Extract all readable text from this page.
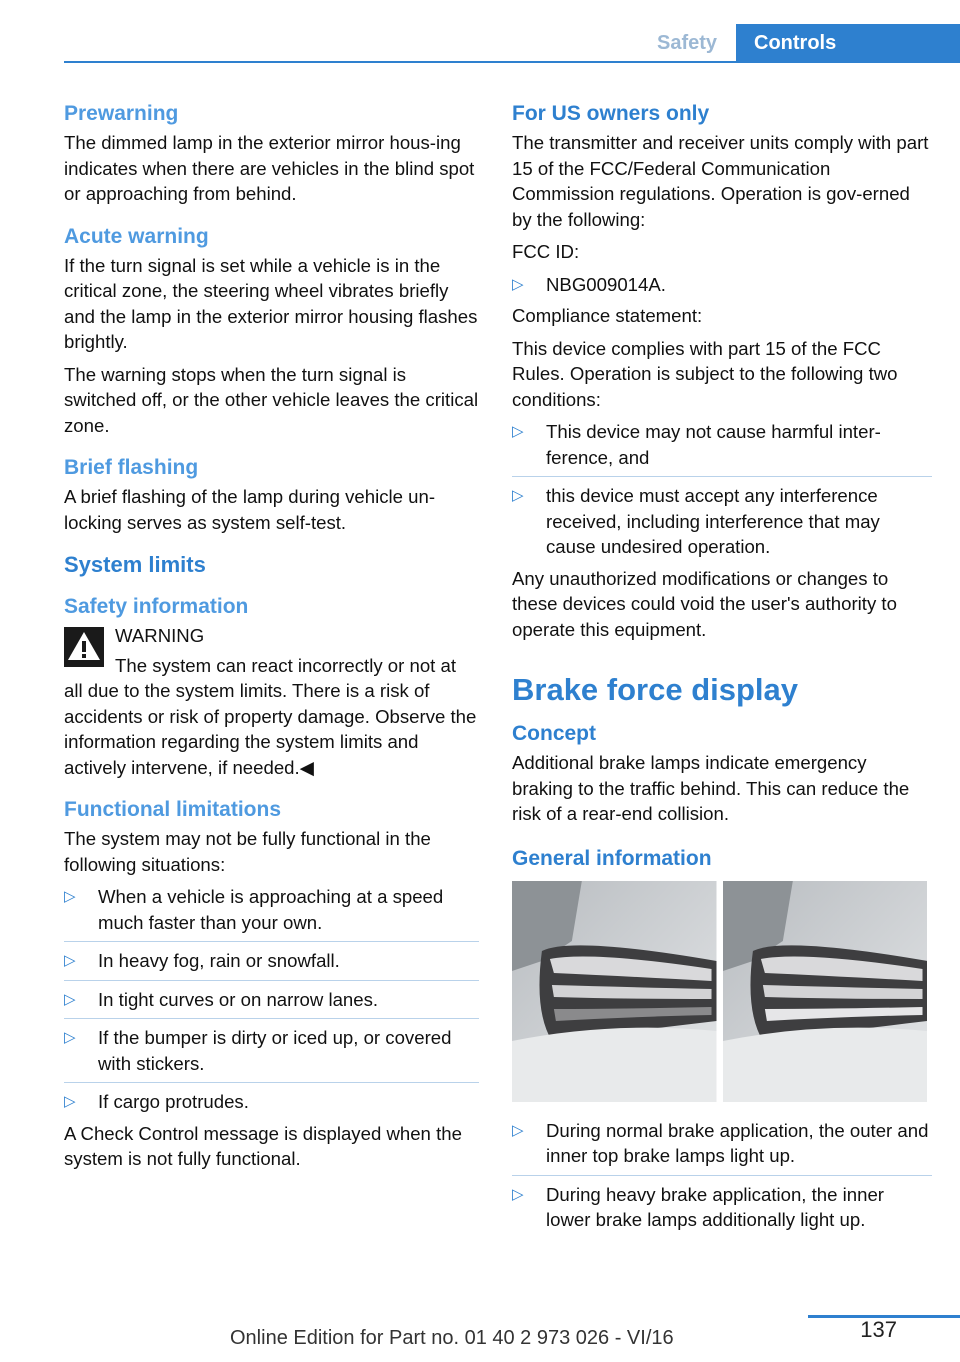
Safety	Controls
Prewarning

The dimmed lamp in the exterior mirror hous-ing indicates when there are vehicles in the blind spot or approaching from behind.

Acute warning

If the turn signal is set while a vehicle is in the critical zone, the steering wheel vibrates briefly and the lamp in the exterior mirror housing flashes brightly.

The warning stops when the turn signal is switched off, or the other vehicle leaves the critical zone.

Brief flashing

A brief flashing of the lamp during vehicle un-locking serves as system self-test.

System limits
Safety information

WARNING

The system can react incorrectly or not at all due to the system limits. There is a risk of accidents or risk of property damage. Observe the information regarding the system limits and actively intervene, if needed.◀

Functional limitations

The system may not be fully functional in the following situations:

▷ When a vehicle is approaching at a speed much faster than your own.
▷ In heavy fog, rain or snowfall.
▷ In tight curves or on narrow lanes.
▷ If the bumper is dirty or iced up, or covered with stickers.
▷ If cargo protrudes.

A Check Control message is displayed when the system is not fully functional.

For US owners only

The transmitter and receiver units comply with part 15 of the FCC/Federal Communication Commission regulations. Operation is gov-erned by the following:

FCC ID:

▷ NBG009014A.

Compliance statement:

This device complies with part 15 of the FCC Rules. Operation is subject to the following two conditions:

▷ This device may not cause harmful inter-ference, and
▷ this device must accept any interference received, including interference that may cause undesired operation.

Any unauthorized modifications or changes to these devices could void the user's authority to operate this equipment.

Brake force display
Concept

Additional brake lamps indicate emergency braking to the traffic behind. This can reduce the risk of a rear-end collision.

General information
▷ During normal brake application, the outer and inner top brake lamps light up.
▷ During heavy brake application, the inner lower brake lamps additionally light up.
137
Online Edition for Part no. 01 40 2 973 026 - VI/16
